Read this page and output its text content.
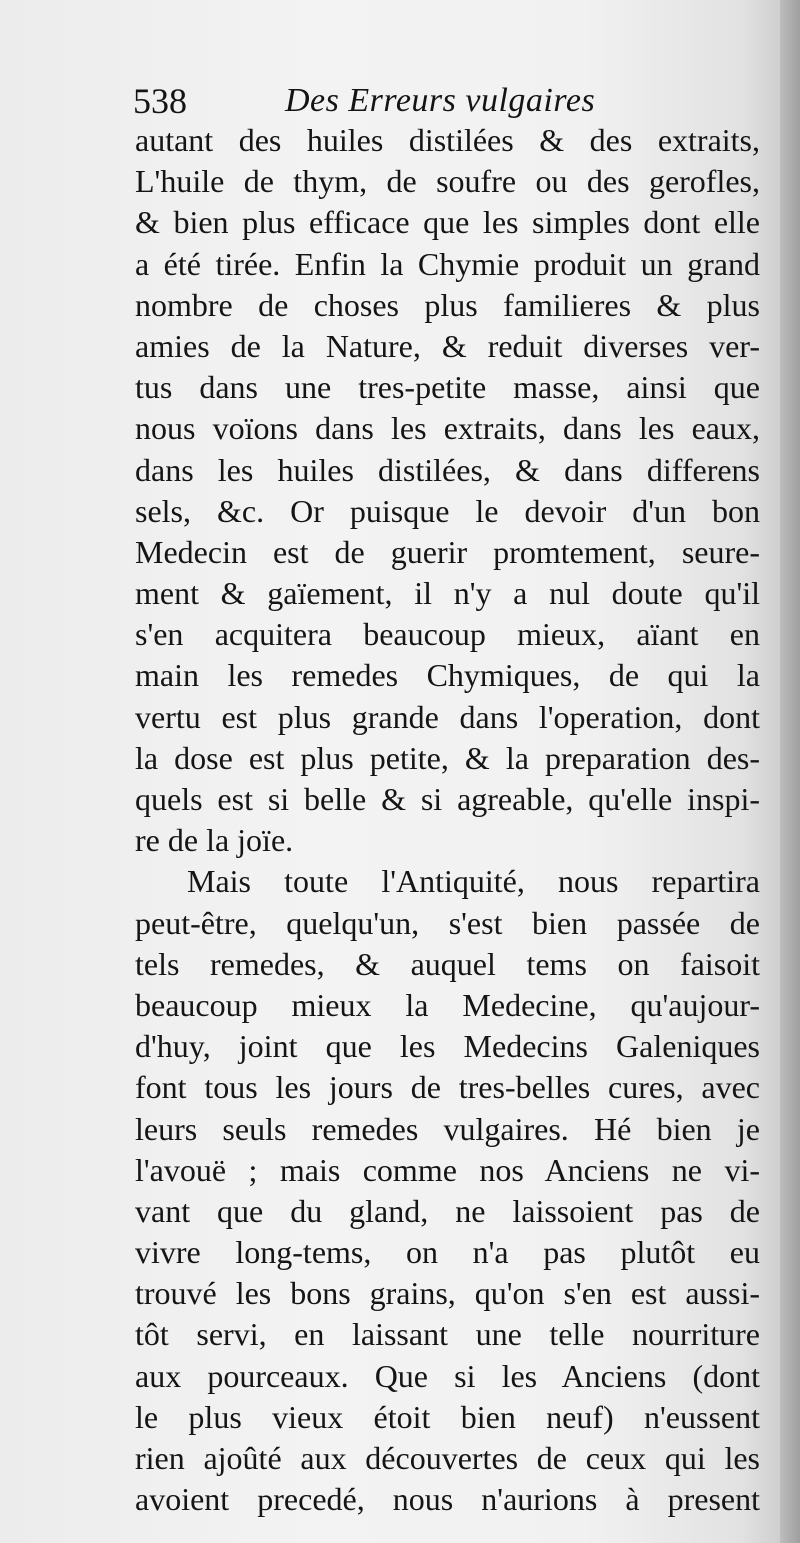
538	Des Erreurs vulgaires
autant des huiles distilées & des extraits,
L'huile de thym, de soufre ou des gerofles,
& bien plus efficace que les simples dont elle
a été tirée. Enfin la Chymie produit un grand
nombre de choses plus familieres & plus
amies de la Nature, & reduit diverses ver-
tus dans une tres-petite masse, ainsi que
nous voïons dans les extraits, dans les eaux,
dans les huiles distilées, & dans differens
sels, &c. Or puisque le devoir d'un bon
Medecin est de guerir promtement, seure-
ment & gaïement, il n'y a nul doute qu'il
s'en acquitera beaucoup mieux, aïant en
main les remedes Chymiques, de qui la
vertu est plus grande dans l'operation, dont
la dose est plus petite, & la preparation des-
quels est si belle & si agreable, qu'elle inspi-
re de la joïe.
Mais toute l'Antiquité, nous repartira
peut-être, quelqu'un, s'est bien passée de
tels remedes, & auquel tems on faisoit
beaucoup mieux la Medecine, qu'aujour-
d'huy, joint que les Medecins Galeniques
font tous les jours de tres-belles cures, avec
leurs seuls remedes vulgaires. Hé bien je
l'avouë ; mais comme nos Anciens ne vi-
vant que du gland, ne laissoient pas de
vivre long-tems, on n'a pas plutôt eu
trouvé les bons grains, qu'on s'en est aussi-
tôt servi, en laissant une telle nourriture
aux pourceaux. Que si les Anciens (dont
le plus vieux étoit bien neuf) n'eussent
rien ajoûté aux découvertes de ceux qui les
avoient precedé, nous n'aurions à present
